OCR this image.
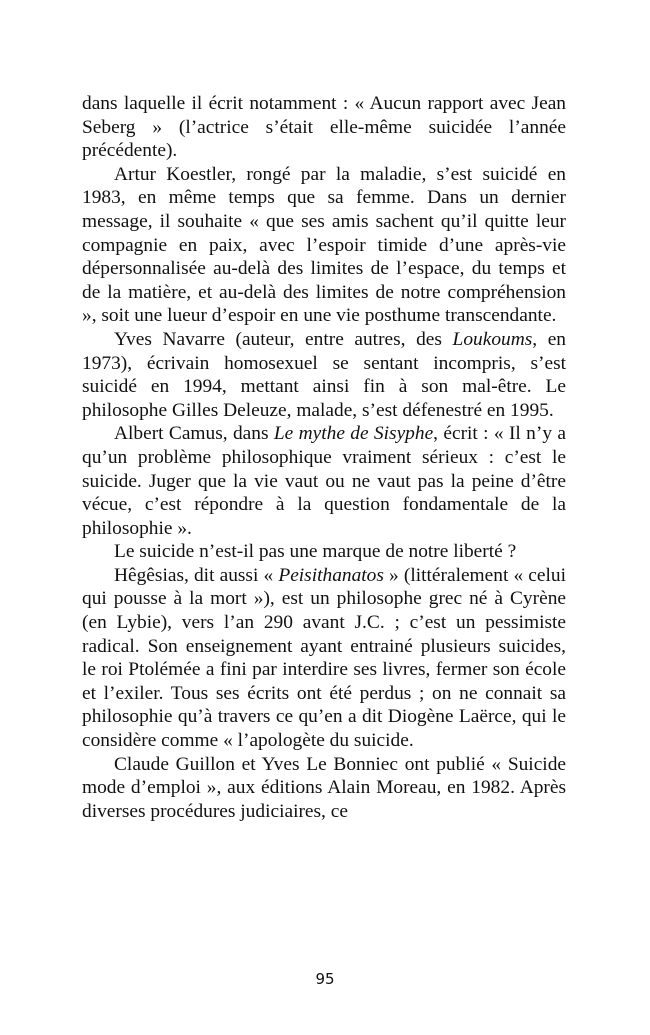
dans laquelle il écrit notamment : « Aucun rapport avec Jean Seberg » (l’actrice s’était elle-même suicidée l’année précédente).

Artur Koestler, rongé par la maladie, s’est suicidé en 1983, en même temps que sa femme. Dans un dernier message, il souhaite « que ses amis sachent qu’il quitte leur compagnie en paix, avec l’espoir timide d’une après-vie dépersonnalisée au-delà des limites de l’espace, du temps et de la matière, et au-delà des limites de notre compréhension », soit une lueur d’espoir en une vie posthume transcendante.

Yves Navarre (auteur, entre autres, des Loukoums, en 1973), écrivain homosexuel se sentant incompris, s’est suicidé en 1994, mettant ainsi fin à son mal-être. Le philosophe Gilles Deleuze, malade, s’est défenestré en 1995.

Albert Camus, dans Le mythe de Sisyphe, écrit : « Il n’y a qu’un problème philosophique vraiment sérieux : c’est le suicide. Juger que la vie vaut ou ne vaut pas la peine d’être vécue, c’est répondre à la question fondamentale de la philosophie ».

Le suicide n’est-il pas une marque de notre liberté ?

Hêgêsias, dit aussi « Peisithanatos » (littéralement « celui qui pousse à la mort »), est un philosophe grec né à Cyrène (en Lybie), vers l’an 290 avant J.C. ; c’est un pessimiste radical. Son enseignement ayant entrainé plusieurs suicides, le roi Ptolémée a fini par interdire ses livres, fermer son école et l’exiler. Tous ses écrits ont été perdus ; on ne connait sa philosophie qu’à travers ce qu’en a dit Diogène Laërce, qui le considère comme « l’apologète du suicide.

Claude Guillon et Yves Le Bonniec ont publié « Suicide mode d’emploi », aux éditions Alain Moreau, en 1982. Après diverses procédures judiciaires, ce

95
